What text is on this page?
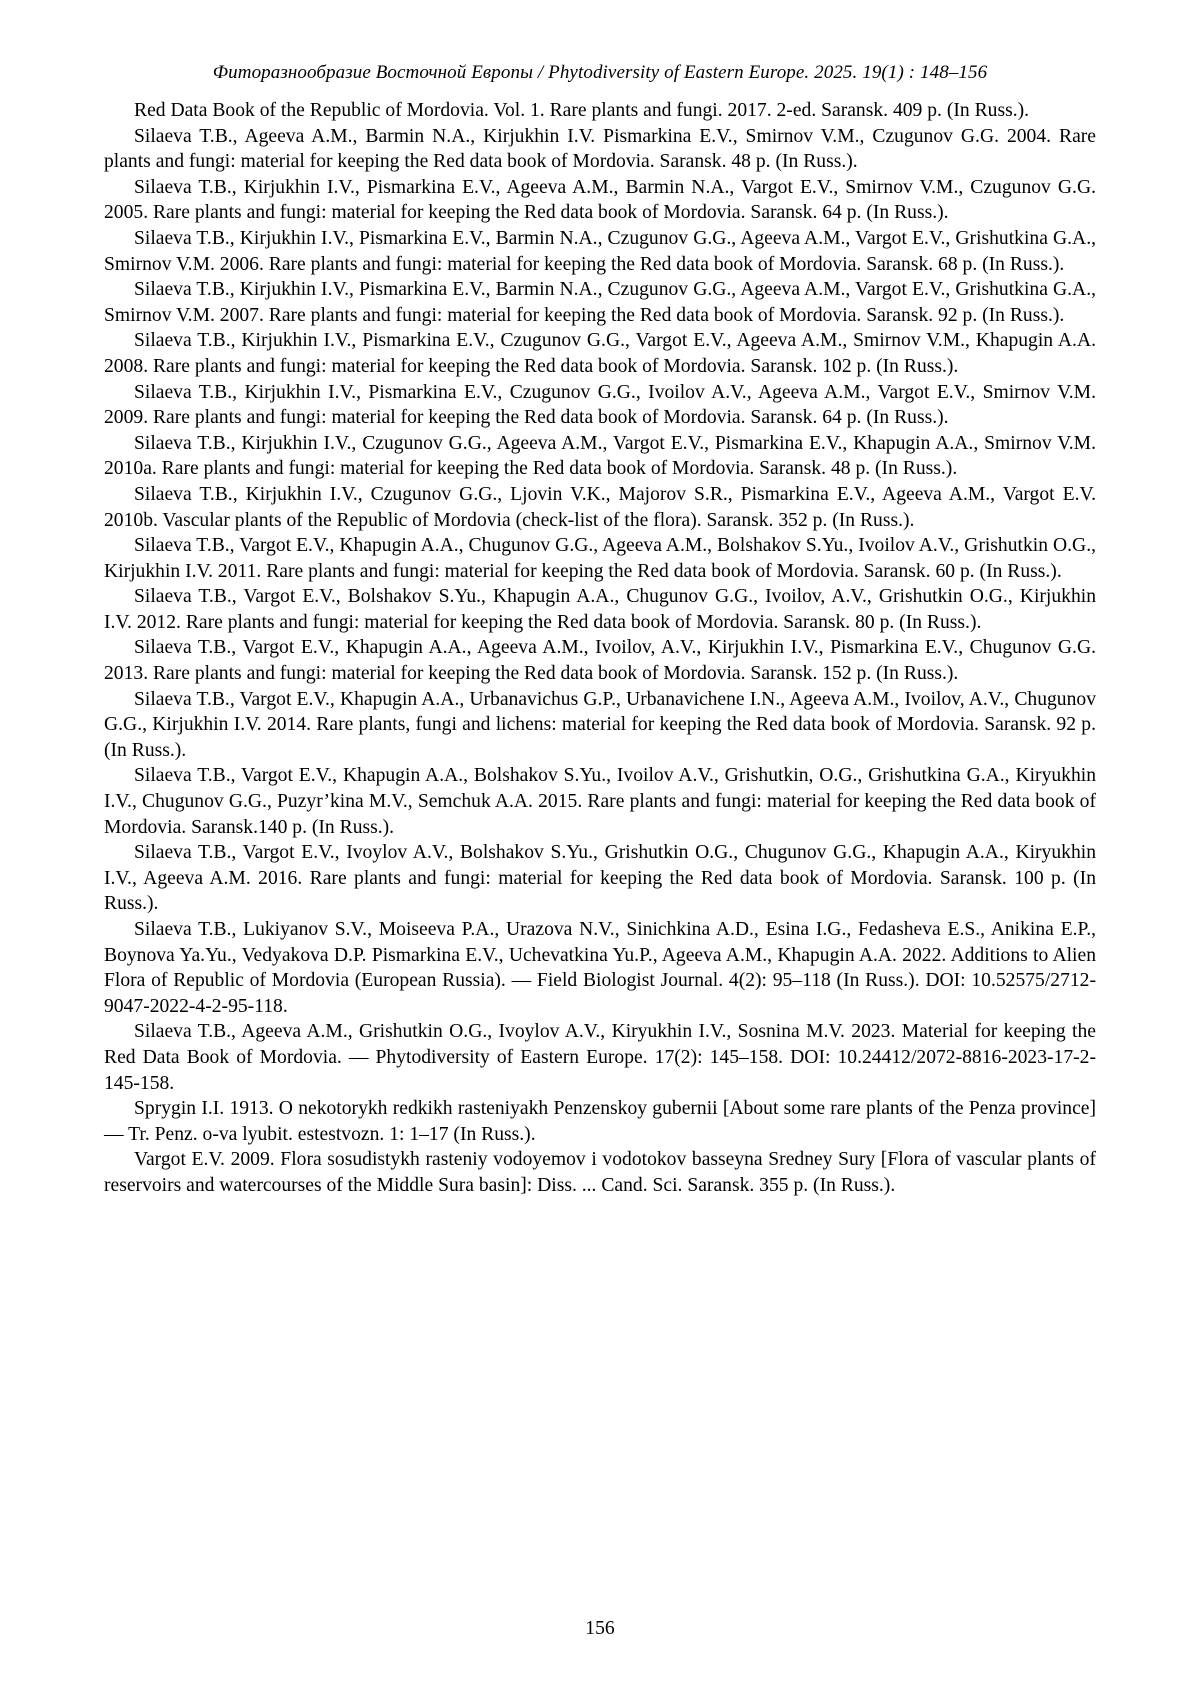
Фиторазнообразие Восточной Европы / Phytodiversity of Eastern Europe. 2025. 19(1) : 148–156

Red Data Book of the Republic of Mordovia. Vol. 1. Rare plants and fungi. 2017. 2-ed. Saransk. 409 p. (In Russ.).

Silaeva T.B., Ageeva A.M., Barmin N.A., Kirjukhin I.V. Pismarkina E.V., Smirnov V.M., Czugunov G.G. 2004. Rare plants and fungi: material for keeping the Red data book of Mordovia. Saransk. 48 p. (In Russ.).

Silaeva T.B., Kirjukhin I.V., Pismarkina E.V., Ageeva A.M., Barmin N.A., Vargot E.V., Smirnov V.M., Czugunov G.G. 2005. Rare plants and fungi: material for keeping the Red data book of Mordovia. Saransk. 64 p. (In Russ.).

Silaeva T.B., Kirjukhin I.V., Pismarkina E.V., Barmin N.A., Czugunov G.G., Ageeva A.M., Vargot E.V., Grishutkina G.A., Smirnov V.M. 2006. Rare plants and fungi: material for keeping the Red data book of Mordovia. Saransk. 68 p. (In Russ.).

Silaeva T.B., Kirjukhin I.V., Pismarkina E.V., Barmin N.A., Czugunov G.G., Ageeva A.M., Vargot E.V., Grishutkina G.A., Smirnov V.M. 2007. Rare plants and fungi: material for keeping the Red data book of Mordovia. Saransk. 92 p. (In Russ.).

Silaeva T.B., Kirjukhin I.V., Pismarkina E.V., Czugunov G.G., Vargot E.V., Ageeva A.M., Smirnov V.M., Khapugin A.A. 2008. Rare plants and fungi: material for keeping the Red data book of Mordovia. Saransk. 102 p. (In Russ.).

Silaeva T.B., Kirjukhin I.V., Pismarkina E.V., Czugunov G.G., Ivoilov A.V., Ageeva A.M., Vargot E.V., Smirnov V.M. 2009. Rare plants and fungi: material for keeping the Red data book of Mordovia. Saransk. 64 p. (In Russ.).

Silaeva T.B., Kirjukhin I.V., Czugunov G.G., Ageeva A.M., Vargot E.V., Pismarkina E.V., Khapugin A.A., Smirnov V.M. 2010a. Rare plants and fungi: material for keeping the Red data book of Mordovia. Saransk. 48 p. (In Russ.).

Silaeva T.B., Kirjukhin I.V., Czugunov G.G., Ljovin V.K., Majorov S.R., Pismarkina E.V., Ageeva A.M., Vargot E.V. 2010b. Vascular plants of the Republic of Mordovia (check-list of the flora). Saransk. 352 p. (In Russ.).

Silaeva T.B., Vargot E.V., Khapugin A.A., Chugunov G.G., Ageeva A.M., Bolshakov S.Yu., Ivoilov A.V., Grishutkin O.G., Kirjukhin I.V. 2011. Rare plants and fungi: material for keeping the Red data book of Mordovia. Saransk. 60 p. (In Russ.).

Silaeva T.B., Vargot E.V., Bolshakov S.Yu., Khapugin A.A., Chugunov G.G., Ivoilov, A.V., Grishutkin O.G., Kirjukhin I.V. 2012. Rare plants and fungi: material for keeping the Red data book of Mordovia. Saransk. 80 p. (In Russ.).

Silaeva T.B., Vargot E.V., Khapugin A.A., Ageeva A.M., Ivoilov, A.V., Kirjukhin I.V., Pismarkina E.V., Chugunov G.G. 2013. Rare plants and fungi: material for keeping the Red data book of Mordovia. Saransk. 152 p. (In Russ.).

Silaeva T.B., Vargot E.V., Khapugin A.A., Urbanavichus G.P., Urbanavichene I.N., Ageeva A.M., Ivoilov, A.V., Chugunov G.G., Kirjukhin I.V. 2014. Rare plants, fungi and lichens: material for keeping the Red data book of Mordovia. Saransk. 92 p. (In Russ.).

Silaeva T.B., Vargot E.V., Khapugin A.A., Bolshakov S.Yu., Ivoilov A.V., Grishutkin, O.G., Grishutkina G.A., Kiryukhin I.V., Chugunov G.G., Puzyr’kina M.V., Semchuk A.A. 2015. Rare plants and fungi: material for keeping the Red data book of Mordovia. Saransk.140 p. (In Russ.).

Silaeva T.B., Vargot E.V., Ivoylov A.V., Bolshakov S.Yu., Grishutkin O.G., Chugunov G.G., Khapugin A.A., Kiryukhin I.V., Ageeva A.M. 2016. Rare plants and fungi: material for keeping the Red data book of Mordovia. Saransk. 100 p. (In Russ.).

Silaeva T.B., Lukiyanov S.V., Moiseeva P.A., Urazova N.V., Sinichkina A.D., Esina I.G., Fedasheva E.S., Anikina E.P., Boynova Ya.Yu., Vedyakova D.P. Pismarkina E.V., Uchevatkina Yu.P., Ageeva A.M., Khapugin A.A. 2022. Additions to Alien Flora of Republic of Mordovia (European Russia). — Field Biologist Journal. 4(2): 95–118 (In Russ.). DOI: 10.52575/2712-9047-2022-4-2-95-118.

Silaeva T.B., Ageeva A.M., Grishutkin O.G., Ivoylov A.V., Kiryukhin I.V., Sosnina M.V. 2023. Material for keeping the Red Data Book of Mordovia. — Phytodiversity of Eastern Europe. 17(2): 145–158. DOI: 10.24412/2072-8816-2023-17-2-145-158.

Sprygin I.I. 1913. O nekotorykh redkikh rasteniyakh Penzenskoy gubernii [About some rare plants of the Penza province] — Tr. Penz. o-va lyubit. estestvozn. 1: 1–17 (In Russ.).

Vargot E.V. 2009. Flora sosudistykh rasteniy vodoyemov i vodotokov basseyna Sredney Sury [Flora of vascular plants of reservoirs and watercourses of the Middle Sura basin]: Diss. ... Cand. Sci. Saransk. 355 p. (In Russ.).

156
